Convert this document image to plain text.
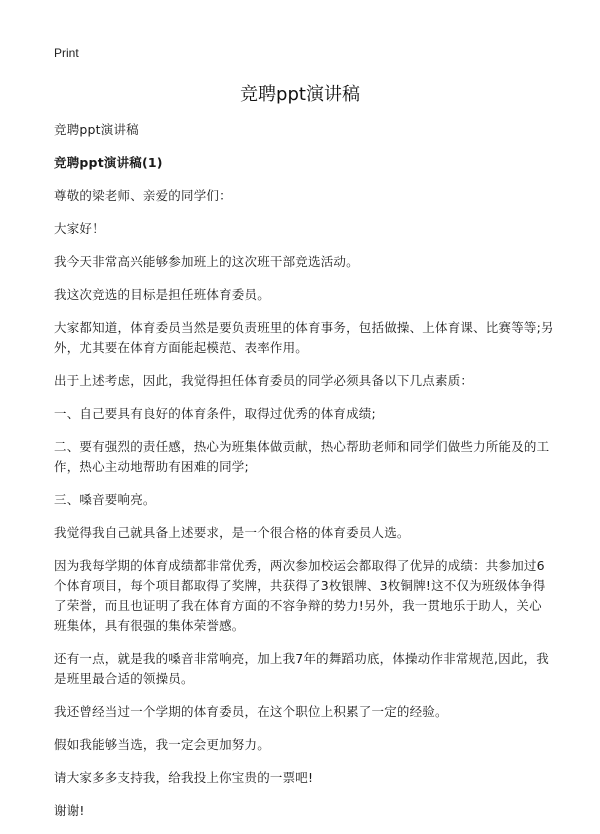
Print
竞聘ppt演讲稿

竞聘ppt演讲稿

竞聘ppt演讲稿(1)

尊敬的梁老师、亲爱的同学们：

大家好！

我今天非常高兴能够参加班上的这次班干部竞选活动。

我这次竞选的目标是担任班体育委员。

大家都知道，体育委员当然是要负责班里的体育事务，包括做操、上体育课、比赛等等;另外，尤其要在体育方面能起模范、表率作用。

出于上述考虑，因此，我觉得担任体育委员的同学必须具备以下几点素质：

一、自己要具有良好的体育条件，取得过优秀的体育成绩;

二、要有强烈的责任感，热心为班集体做贡献，热心帮助老师和同学们做些力所能及的工作，热心主动地帮助有困难的同学;

三、嗓音要响亮。

我觉得我自己就具备上述要求，是一个很合格的体育委员人选。

因为我每学期的体育成绩都非常优秀，两次参加校运会都取得了优异的成绩：共参加过6个体育项目，每个项目都取得了奖牌，共获得了3枚银牌、3枚铜牌!这不仅为班级体争得了荣誉，而且也证明了我在体育方面的不容争辩的势力!另外，我一贯地乐于助人，关心班集体，具有很强的集体荣誉感。

还有一点，就是我的嗓音非常响亮，加上我7年的舞蹈功底，体操动作非常规范,因此，我是班里最合适的领操员。

我还曾经当过一个学期的体育委员，在这个职位上积累了一定的经验。

假如我能够当选，我一定会更加努力。

请大家多多支持我，给我投上你宝贵的一票吧!

谢谢!
